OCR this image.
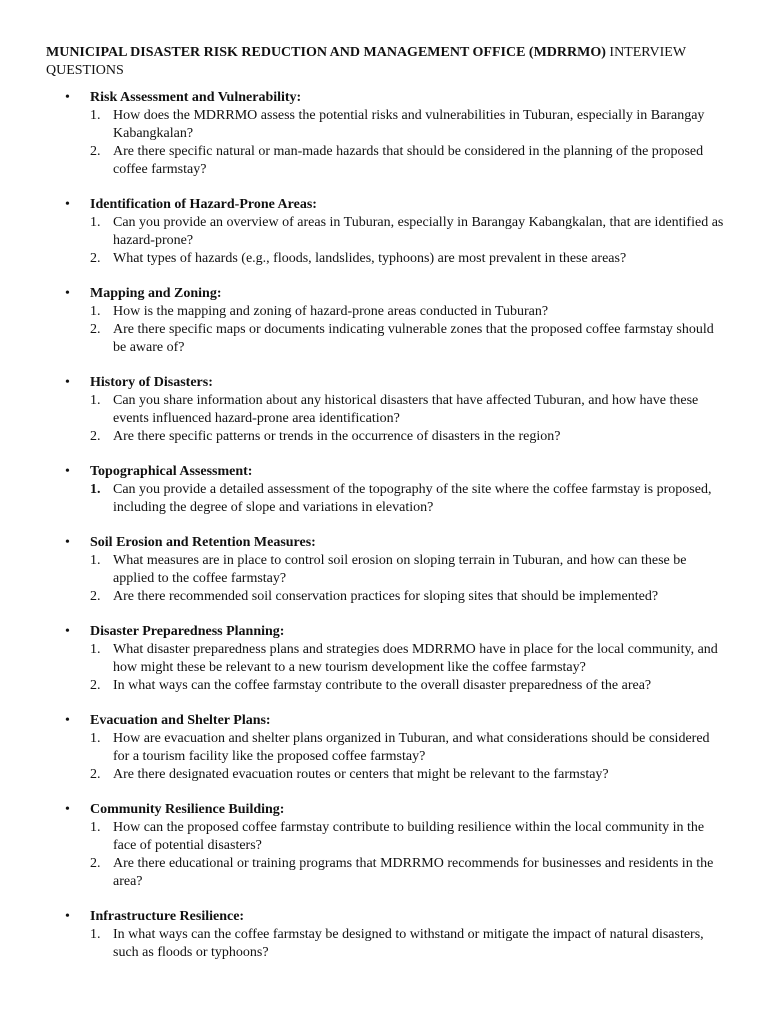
MUNICIPAL DISASTER RISK REDUCTION AND MANAGEMENT OFFICE (MDRRMO) INTERVIEW QUESTIONS
• Risk Assessment and Vulnerability:
1. How does the MDRRMO assess the potential risks and vulnerabilities in Tuburan, especially in Barangay Kabangkalan?
2. Are there specific natural or man-made hazards that should be considered in the planning of the proposed coffee farmstay?
• Identification of Hazard-Prone Areas:
1. Can you provide an overview of areas in Tuburan, especially in Barangay Kabangkalan, that are identified as hazard-prone?
2. What types of hazards (e.g., floods, landslides, typhoons) are most prevalent in these areas?
• Mapping and Zoning:
1. How is the mapping and zoning of hazard-prone areas conducted in Tuburan?
2. Are there specific maps or documents indicating vulnerable zones that the proposed coffee farmstay should be aware of?
• History of Disasters:
1. Can you share information about any historical disasters that have affected Tuburan, and how have these events influenced hazard-prone area identification?
2. Are there specific patterns or trends in the occurrence of disasters in the region?
• Topographical Assessment:
1. Can you provide a detailed assessment of the topography of the site where the coffee farmstay is proposed, including the degree of slope and variations in elevation?
• Soil Erosion and Retention Measures:
1. What measures are in place to control soil erosion on sloping terrain in Tuburan, and how can these be applied to the coffee farmstay?
2. Are there recommended soil conservation practices for sloping sites that should be implemented?
• Disaster Preparedness Planning:
1. What disaster preparedness plans and strategies does MDRRMO have in place for the local community, and how might these be relevant to a new tourism development like the coffee farmstay?
2. In what ways can the coffee farmstay contribute to the overall disaster preparedness of the area?
• Evacuation and Shelter Plans:
1. How are evacuation and shelter plans organized in Tuburan, and what considerations should be considered for a tourism facility like the proposed coffee farmstay?
2. Are there designated evacuation routes or centers that might be relevant to the farmstay?
• Community Resilience Building:
1. How can the proposed coffee farmstay contribute to building resilience within the local community in the face of potential disasters?
2. Are there educational or training programs that MDRRMO recommends for businesses and residents in the area?
• Infrastructure Resilience:
1. In what ways can the coffee farmstay be designed to withstand or mitigate the impact of natural disasters, such as floods or typhoons?
